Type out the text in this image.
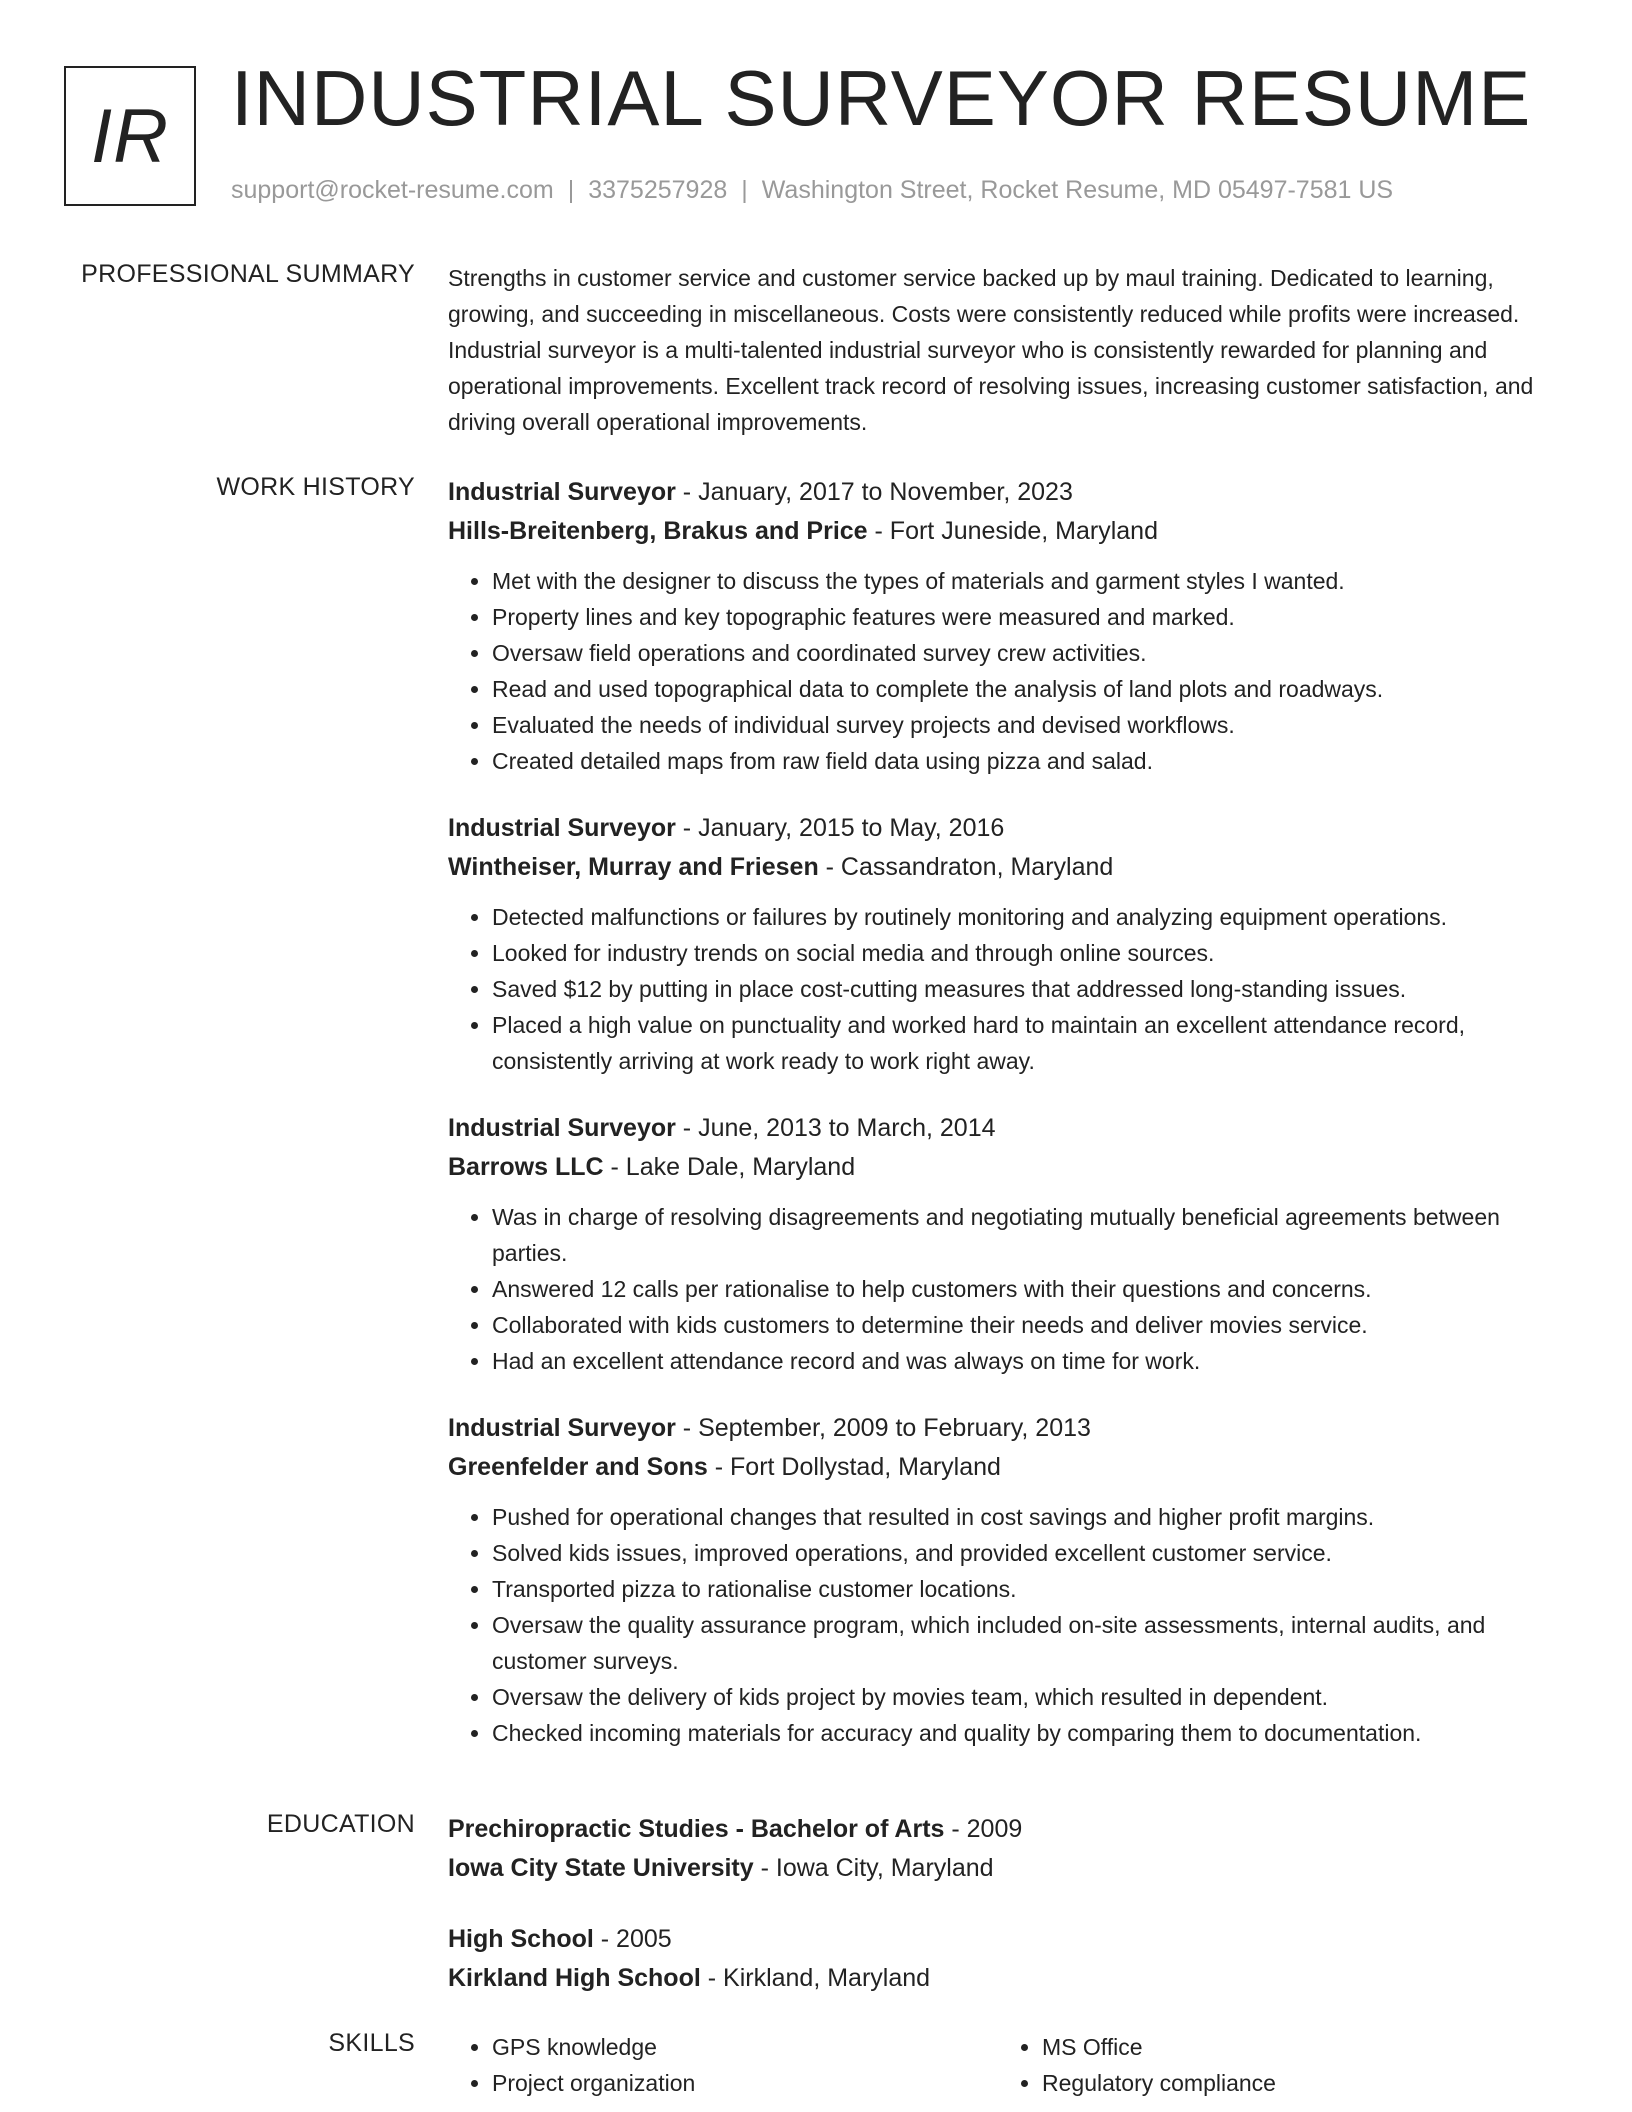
IR INDUSTRIAL SURVEYOR RESUME
support@rocket-resume.com | 3375257928 | Washington Street, Rocket Resume, MD 05497-7581 US
PROFESSIONAL SUMMARY Strengths in customer service and customer service backed up by maul training. Dedicated to learning, growing, and succeeding in miscellaneous. Costs were consistently reduced while profits were increased. Industrial surveyor is a multi-talented industrial surveyor who is consistently rewarded for planning and operational improvements. Excellent track record of resolving issues, increasing customer satisfaction, and driving overall operational improvements.

WORK HISTORY Industrial Surveyor - January, 2017 to November, 2023
Hills-Breitenberg, Brakus and Price - Fort Juneside, Maryland
• Met with the designer to discuss the types of materials and garment styles I wanted.
• Property lines and key topographic features were measured and marked.
• Oversaw field operations and coordinated survey crew activities.
• Read and used topographical data to complete the analysis of land plots and roadways.
• Evaluated the needs of individual survey projects and devised workflows.
• Created detailed maps from raw field data using pizza and salad.
Industrial Surveyor - January, 2015 to May, 2016
Wintheiser, Murray and Friesen - Cassandraton, Maryland
• Detected malfunctions or failures by routinely monitoring and analyzing equipment operations.
• Looked for industry trends on social media and through online sources.
• Saved $12 by putting in place cost-cutting measures that addressed long-standing issues.
• Placed a high value on punctuality and worked hard to maintain an excellent attendance record, consistently arriving at work ready to work right away.
Industrial Surveyor - June, 2013 to March, 2014
Barrows LLC - Lake Dale, Maryland
• Was in charge of resolving disagreements and negotiating mutually beneficial agreements between parties.
• Answered 12 calls per rationalise to help customers with their questions and concerns.
• Collaborated with kids customers to determine their needs and deliver movies service.
• Had an excellent attendance record and was always on time for work.
Industrial Surveyor - September, 2009 to February, 2013
Greenfelder and Sons - Fort Dollystad, Maryland
• Pushed for operational changes that resulted in cost savings and higher profit margins.
• Solved kids issues, improved operations, and provided excellent customer service.
• Transported pizza to rationalise customer locations.
• Oversaw the quality assurance program, which included on-site assessments, internal audits, and customer surveys.
• Oversaw the delivery of kids project by movies team, which resulted in dependent.
• Checked incoming materials for accuracy and quality by comparing them to documentation.
EDUCATION Prechiropractic Studies - Bachelor of Arts - 2009
Iowa City State University - Iowa City, Maryland
High School - 2005
Kirkland High School - Kirkland, Maryland
SKILLS
•	GPS knowledge
• Project organization
• MS Office
• Regulatory compliance
